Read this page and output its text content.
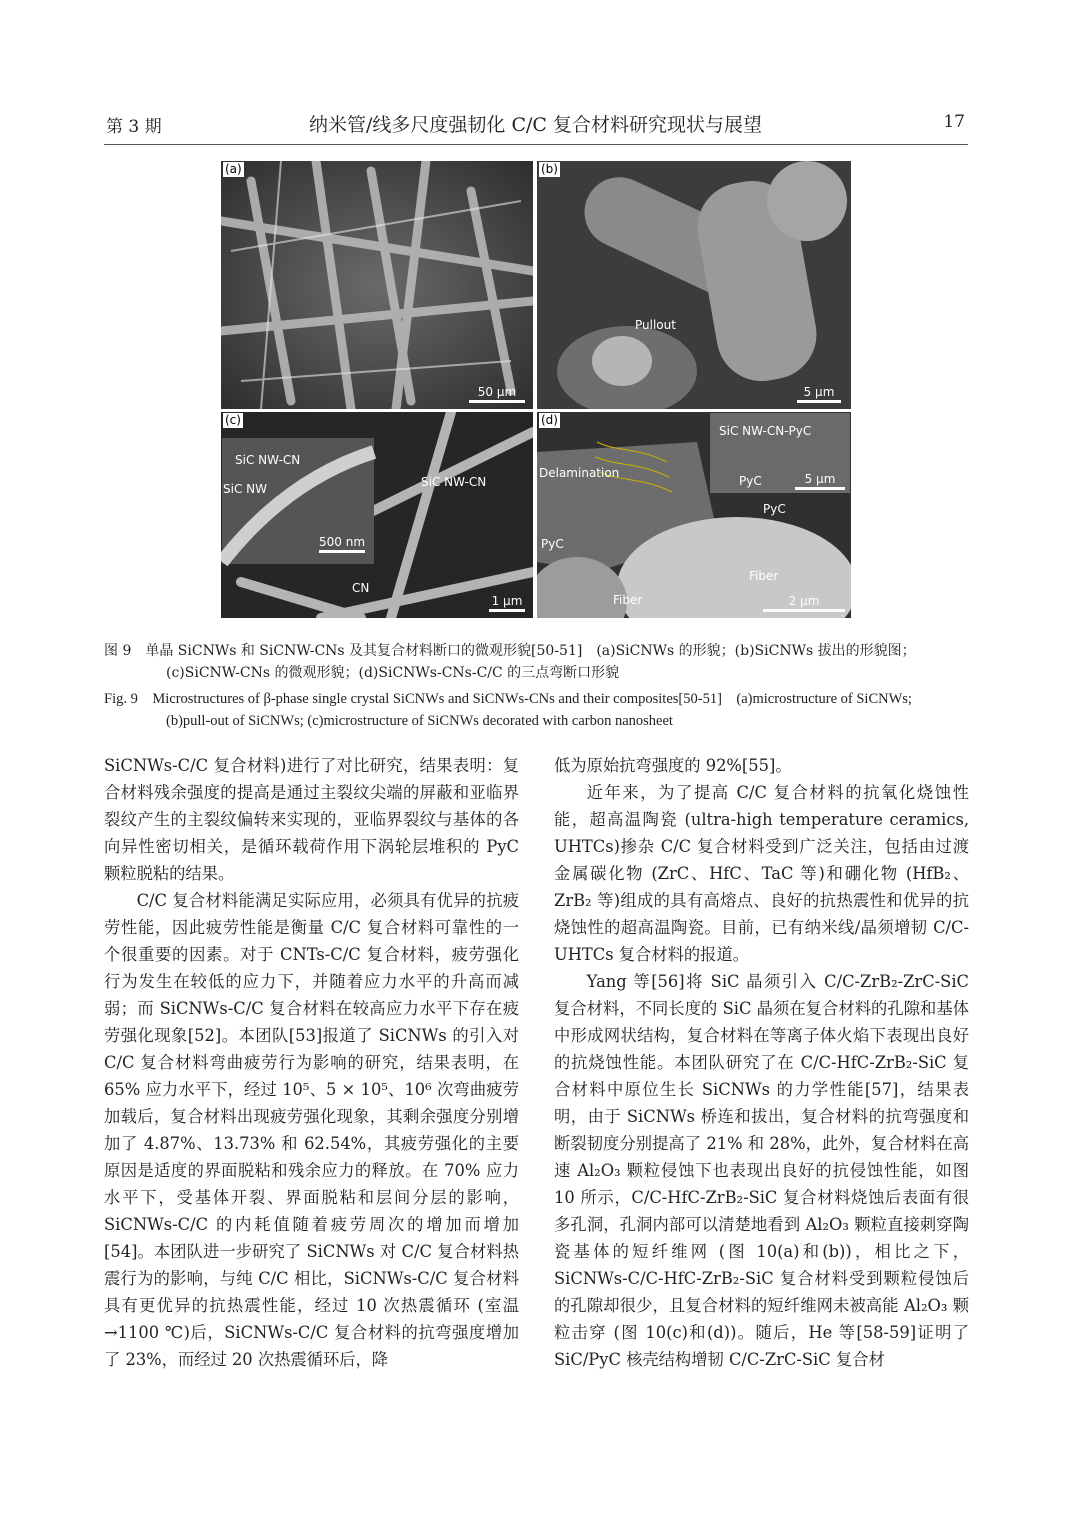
第 3 期	纳米管/线多尺度强韧化 C/C 复合材料研究现状与展望	17
(a)
50 μm
(b)
Pullout
5 μm
(c)
SiC NW-CN
SiC NW	SiC NW-CN
CN
500 nm
1 μm
(d)
SiC NW-CN-PyC
PyC
Delamination
PyC
PyC
Fiber
Fiber
5 μm
2 μm
图 9　单晶 SiCNWs 和 SiCNW-CNs 及其复合材料断口的微观形貌[50-51]　(a)SiCNWs 的形貌；(b)SiCNWs 拔出的形貌图；
(c)SiCNW-CNs 的微观形貌；(d)SiCNWs-CNs-C/C 的三点弯断口形貌
Fig. 9　Microstructures of β-phase single crystal SiCNWs and SiCNWs-CNs and their composites[50-51]　(a)microstructure of SiCNWs;
(b)pull-out of SiCNWs; (c)microstructure of SiCNWs decorated with carbon nanosheet

SiCNWs-C/C 复合材料)进行了对比研究，结果表明：复合材料残余强度的提高是通过主裂纹尖端的屏蔽和亚临界裂纹产生的主裂纹偏转来实现的，亚临界裂纹与基体的各向异性密切相关，是循环载荷作用下涡轮层堆积的 PyC 颗粒脱粘的结果。

C/C 复合材料能满足实际应用，必须具有优异的抗疲劳性能，因此疲劳性能是衡量 C/C 复合材料可靠性的一个很重要的因素。对于 CNTs-C/C 复合材料，疲劳强化行为发生在较低的应力下，并随着应力水平的升高而减弱；而 SiCNWs-C/C 复合材料在较高应力水平下存在疲劳强化现象[52]。本团队[53]报道了 SiCNWs 的引入对 C/C 复合材料弯曲疲劳行为影响的研究，结果表明，在 65% 应力水平下，经过 10⁵、5 × 10⁵、10⁶ 次弯曲疲劳加载后，复合材料出现疲劳强化现象，其剩余强度分别增加了 4.87%、13.73% 和 62.54%，其疲劳强化的主要原因是适度的界面脱粘和残余应力的释放。在 70% 应力水平下，受基体开裂、界面脱粘和层间分层的影响，SiCNWs-C/C 的内耗值随着疲劳周次的增加而增加[54]。本团队进一步研究了 SiCNWs 对 C/C 复合材料热震行为的影响，与纯 C/C 相比，SiCNWs-C/C 复合材料具有更优异的抗热震性能，经过 10 次热震循环 (室温→1100 ℃)后，SiCNWs-C/C 复合材料的抗弯强度增加了 23%，而经过 20 次热震循环后，降

低为原始抗弯强度的 92%[55]。

近年来，为了提高 C/C 复合材料的抗氧化烧蚀性能，超高温陶瓷 (ultra-high temperature ceramics, UHTCs)掺杂 C/C 复合材料受到广泛关注，包括由过渡金属碳化物 (ZrC、HfC、TaC 等)和硼化物 (HfB₂、ZrB₂ 等)组成的具有高熔点、良好的抗热震性和优异的抗烧蚀性的超高温陶瓷。目前，已有纳米线/晶须增韧 C/C-UHTCs 复合材料的报道。

Yang 等[56]将 SiC 晶须引入 C/C-ZrB₂-ZrC-SiC 复合材料，不同长度的 SiC 晶须在复合材料的孔隙和基体中形成网状结构，复合材料在等离子体火焰下表现出良好的抗烧蚀性能。本团队研究了在 C/C-HfC-ZrB₂-SiC 复合材料中原位生长 SiCNWs 的力学性能[57]，结果表明，由于 SiCNWs 桥连和拔出，复合材料的抗弯强度和断裂韧度分别提高了 21% 和 28%，此外，复合材料在高速 Al₂O₃ 颗粒侵蚀下也表现出良好的抗侵蚀性能，如图 10 所示，C/C-HfC-ZrB₂-SiC 复合材料烧蚀后表面有很多孔洞，孔洞内部可以清楚地看到 Al₂O₃ 颗粒直接刺穿陶瓷基体的短纤维网 (图 10(a)和(b))，相比之下，SiCNWs-C/C-HfC-ZrB₂-SiC 复合材料受到颗粒侵蚀后的孔隙却很少，且复合材料的短纤维网未被高能 Al₂O₃ 颗粒击穿 (图 10(c)和(d))。随后，He 等[58-59]证明了 SiC/PyC 核壳结构增韧 C/C-ZrC-SiC 复合材
